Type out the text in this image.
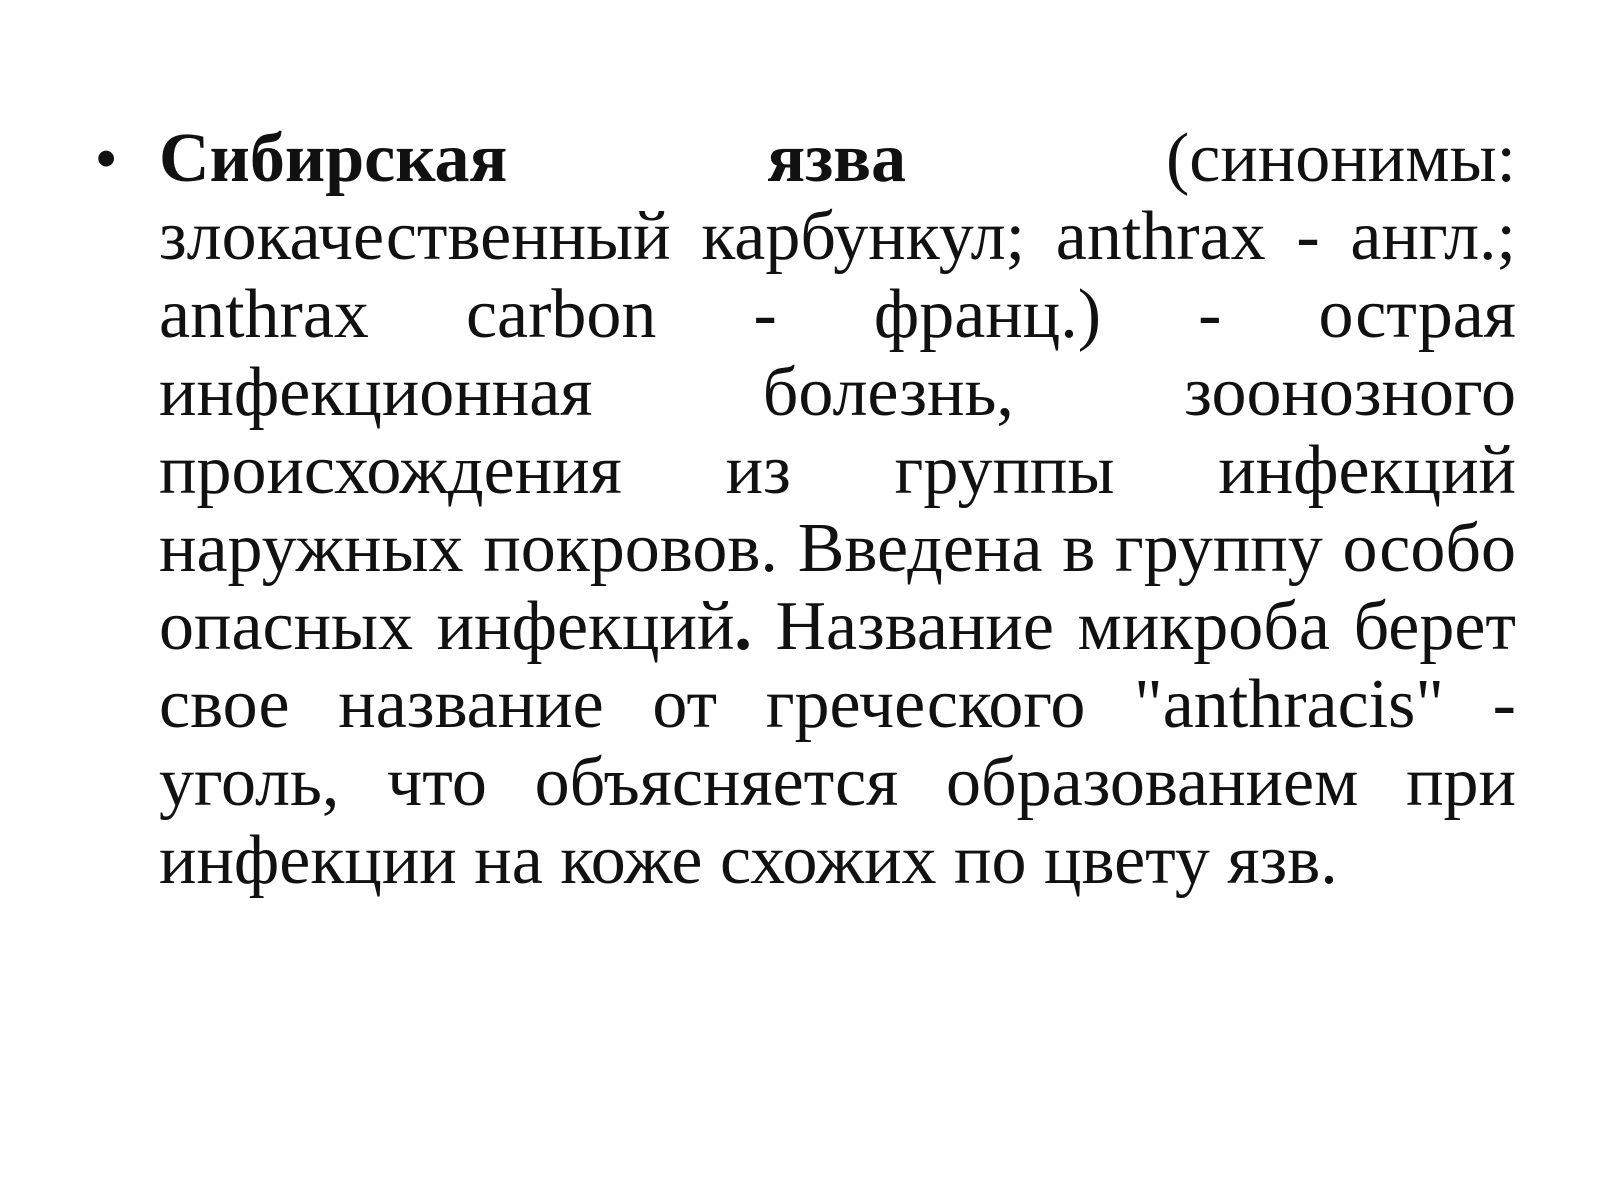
• Сибирская язва (синонимы: злокачественный карбункул; anthrax - англ.; anthrax carbon - франц.) - острая инфекционная болезнь, зоонозного происхождения из группы инфекций наружных покровов. Введена в группу особо опасных инфекций. Название микроба берет свое название от греческого "anthracis" - уголь, что объясняется образованием при инфекции на коже схожих по цвету язв.
